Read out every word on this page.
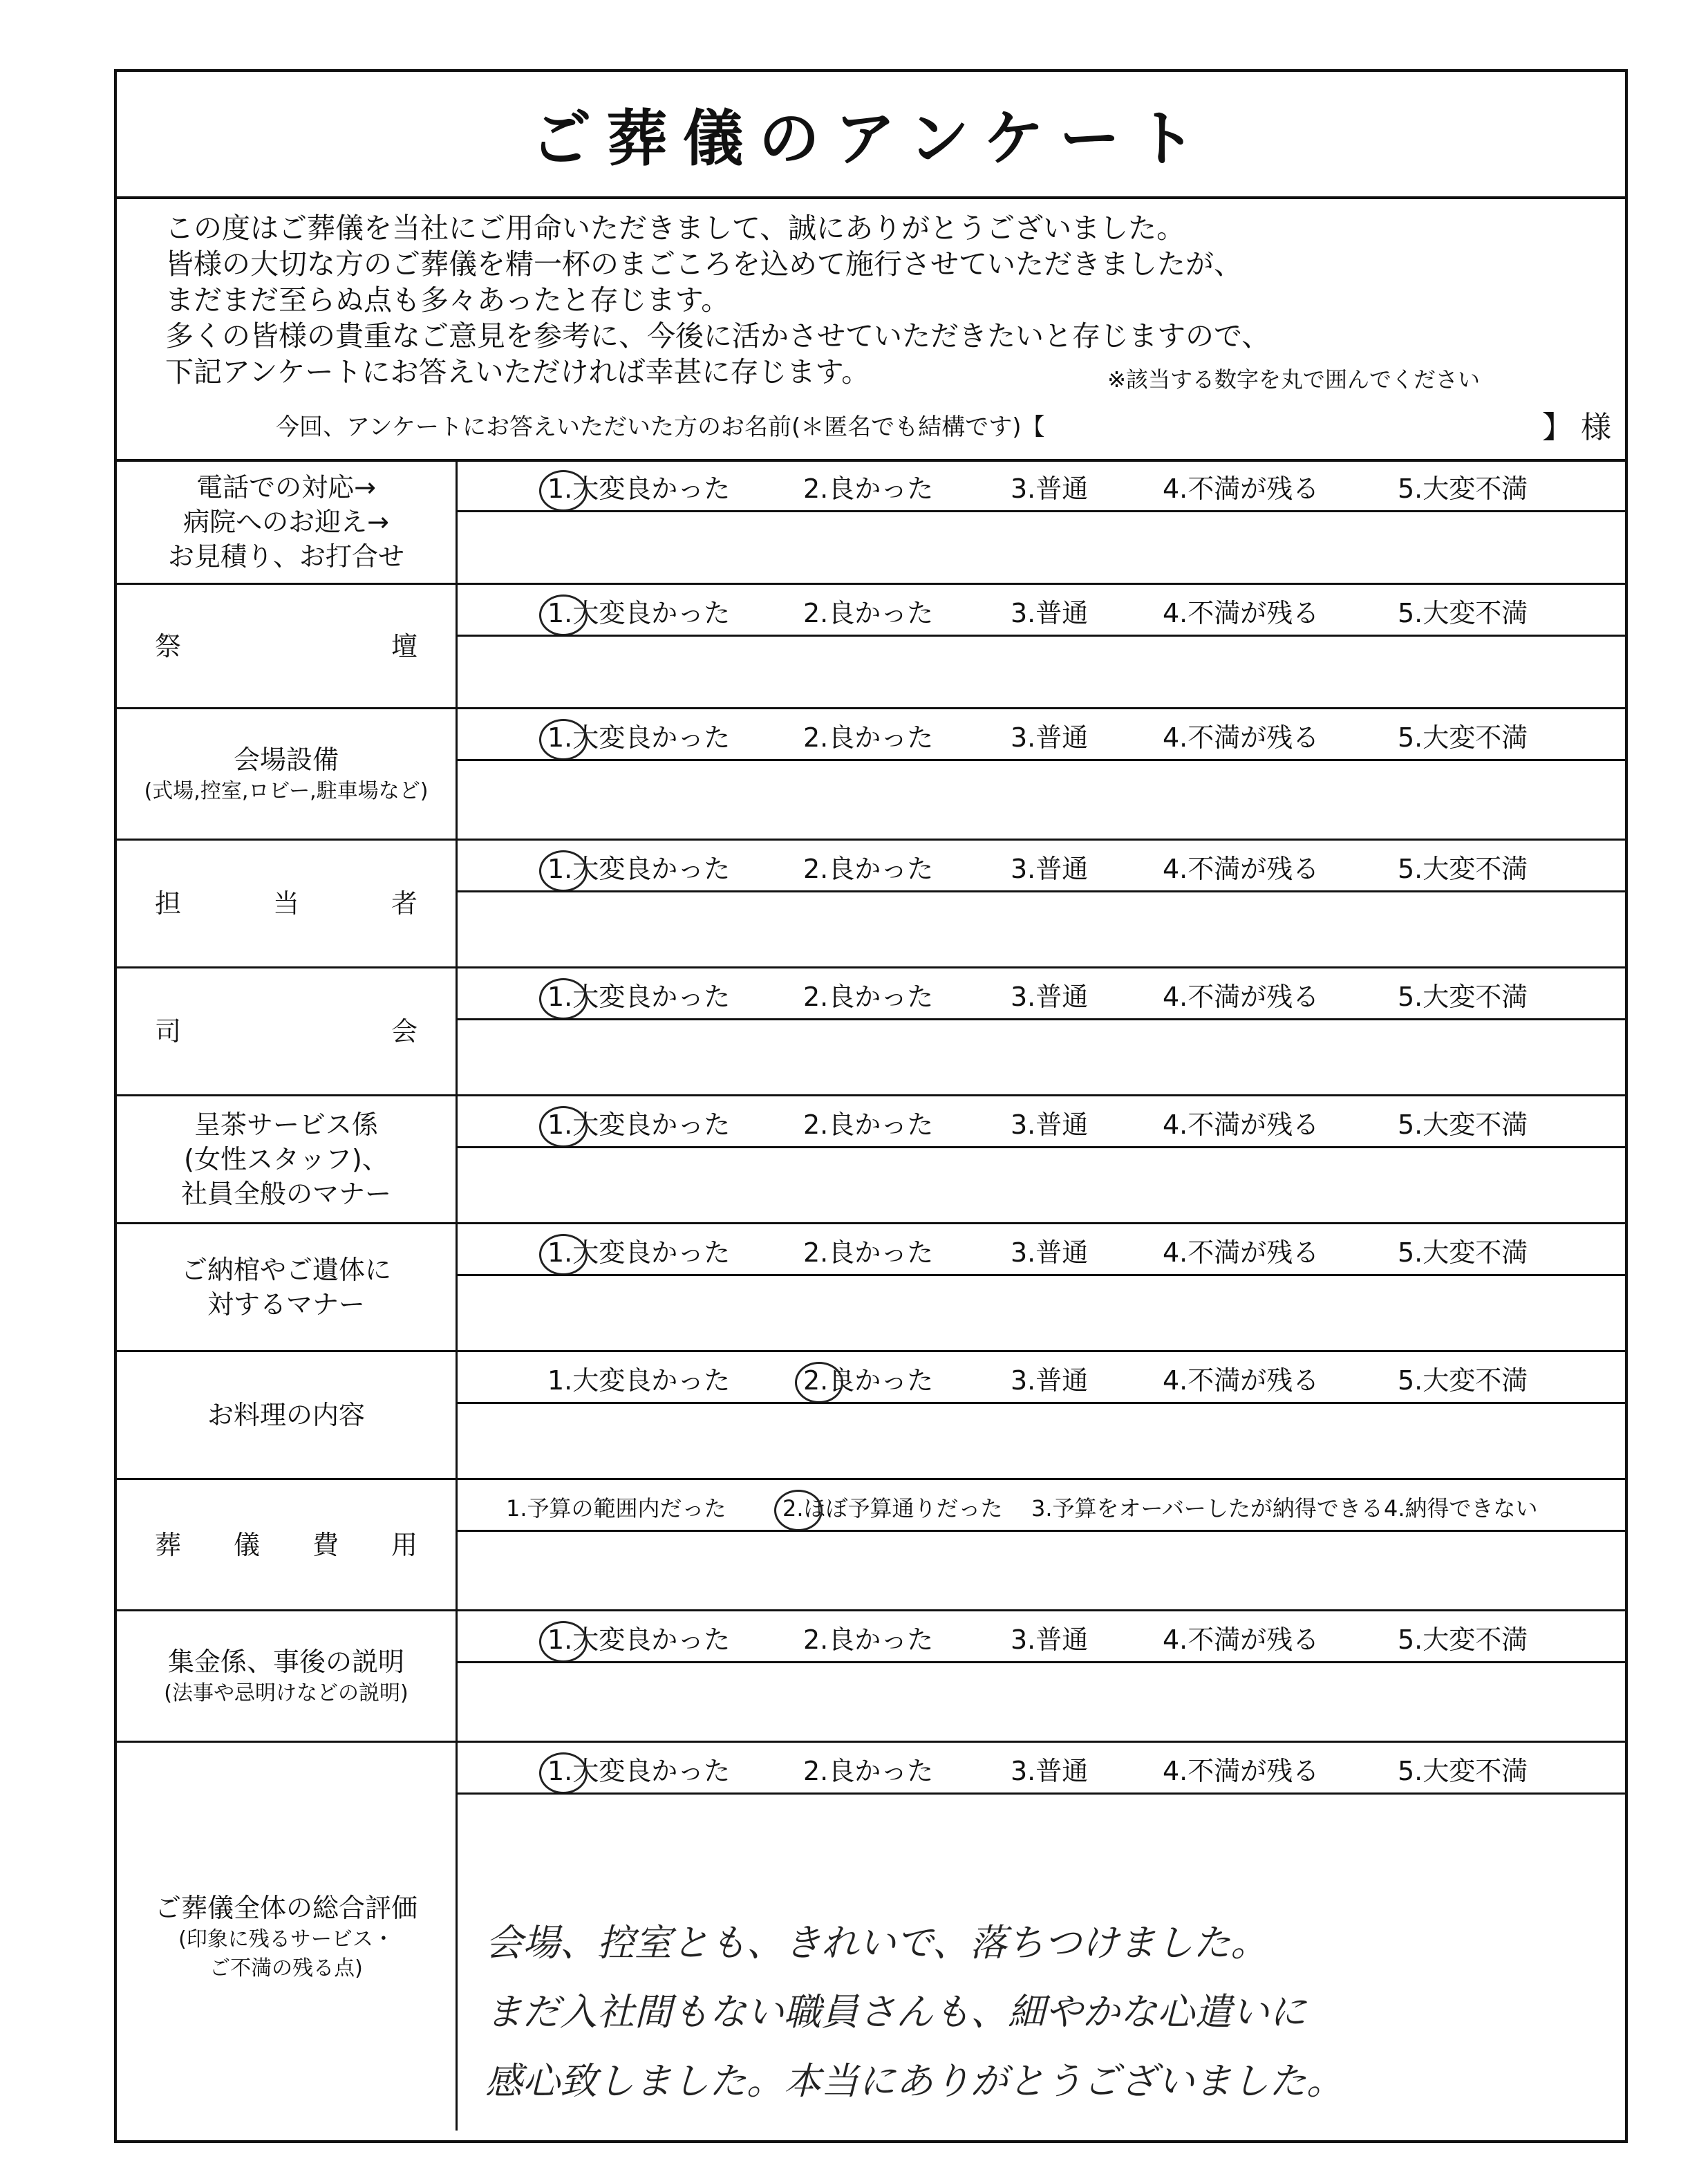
ご葬儀のアンケート
この度はご葬儀を当社にご用命いただきまして、誠にありがとうございました。
皆様の大切な方のご葬儀を精一杯のまごころを込めて施行させていただきましたが、
まだまだ至らぬ点も多々あったと存じます。
多くの皆様の貴重なご意見を参考に、今後に活かさせていただきたいと存じますので、
下記アンケートにお答えいただければ幸甚に存じます。	※該当する数字を丸で囲んでください
今回、アンケートにお答えいただいた方のお名前(＊匿名でも結構です)【	】 様
電話での対応→
病院へのお迎え→
お見積り、お打合せ
1.大変良かった	2.良かった	3.普通	4.不満が残る	5.大変不満
祭	壇
1.大変良かった	2.良かった	3.普通	4.不満が残る	5.大変不満
会場設備
(式場,控室,ロビー,駐車場など)
1.大変良かった	2.良かった	3.普通	4.不満が残る	5.大変不満
担	当	者
1.大変良かった	2.良かった	3.普通	4.不満が残る	5.大変不満
司	会
1.大変良かった	2.良かった	3.普通	4.不満が残る	5.大変不満
呈茶サービス係
(女性スタッフ)、
社員全般のマナー
1.大変良かった	2.良かった	3.普通	4.不満が残る	5.大変不満
ご納棺やご遺体に
対するマナー
1.大変良かった	2.良かった	3.普通	4.不満が残る	5.大変不満
お料理の内容
1.大変良かった	2.良かった	3.普通	4.不満が残る	5.大変不満
葬 儀 費 用
1.予算の範囲内だった	2.ほぼ予算通りだった 3.予算をオーバーしたが納得できる 4.納得できない
集金係、事後の説明
(法事や忌明けなどの説明)
1.大変良かった	2.良かった	3.普通	4.不満が残る	5.大変不満
ご葬儀全体の総合評価
(印象に残るサービス・
ご不満の残る点)
1.大変良かった	2.良かった	3.普通	4.不満が残る	5.大変不満
会場、控室とも、きれいで、落ちつけました。
まだ入社間もない職員さんも、細やかな心遣いに
感心致しました。本当にありがとうございました。
